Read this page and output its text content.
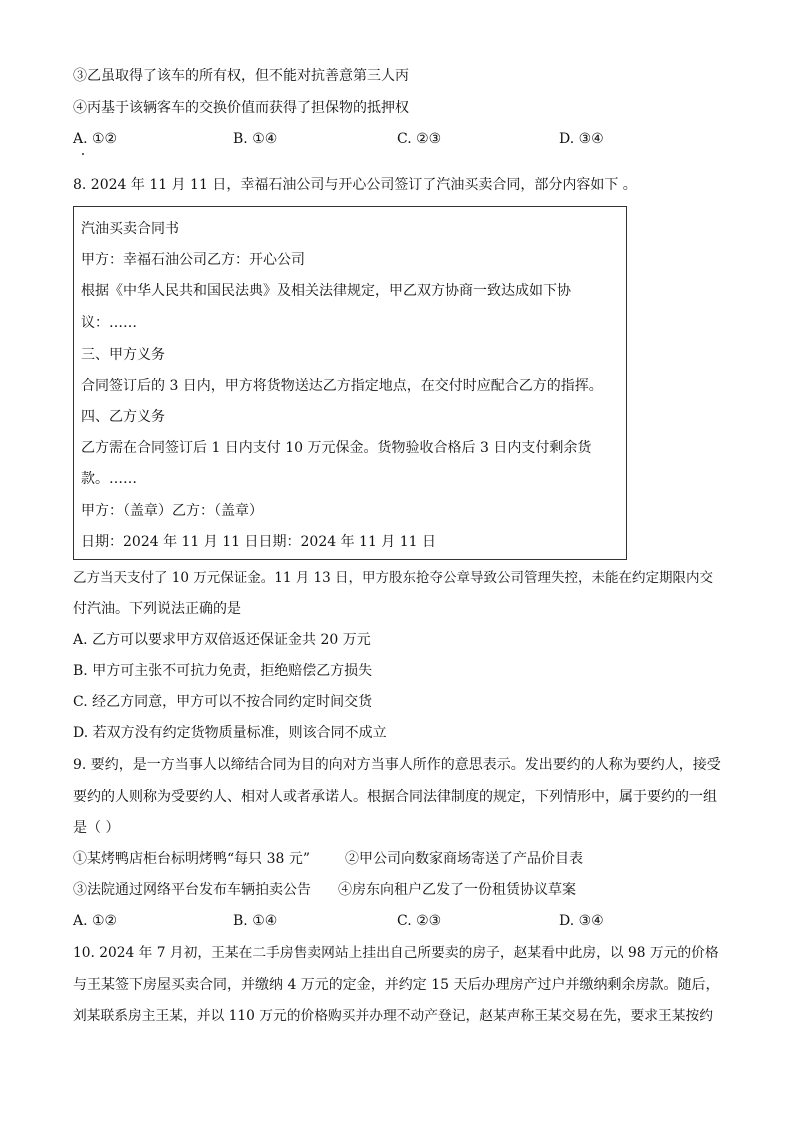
③乙虽取得了该车的所有权，但不能对抗善意第三人丙
④丙基于该辆客车的交换价值而获得了担保物的抵押权
A. ①②	B. ①④	C. ②③	D. ③④
8. 2024 年 11 月 11 日，幸福石油公司与开心公司签订了汽油买卖合同，部分内容如下 。
汽油买卖合同书
甲方：幸福石油公司乙方：开心公司
根据《中华人民共和国民法典》及相关法律规定，甲乙双方协商一致达成如下协
议：……
三、甲方义务
合同签订后的 3 日内，甲方将货物送达乙方指定地点，在交付时应配合乙方的指挥。
四、乙方义务
乙方需在合同签订后 1 日内支付 10 万元保金。货物验收合格后 3 日内支付剩余货
款。……
甲方：（盖章）乙方：（盖章）
日期：2024 年 11 月 11 日日期：2024 年 11 月 11 日
乙方当天支付了 10 万元保证金。11 月 13 日，甲方股东抢夺公章导致公司管理失控，未能在约定期限内交
付汽油。下列说法正确的是
A. 乙方可以要求甲方双倍返还保证金共 20 万元
B. 甲方可主张不可抗力免责，拒绝赔偿乙方损失
C. 经乙方同意，甲方可以不按合同约定时间交货
D. 若双方没有约定货物质量标准，则该合同不成立
9. 要约，是一方当事人以缔结合同为目的向对方当事人所作的意思表示。发出要约的人称为要约人，接受
要约的人则称为受要约人、相对人或者承诺人。根据合同法律制度的规定，下列情形中，属于要约的一组
是（ ）
①某烤鸭店柜台标明烤鸭“每只 38 元” ②甲公司向数家商场寄送了产品价目表
③法院通过网络平台发布车辆拍卖公告 ④房东向租户乙发了一份租赁协议草案
A. ①②	B. ①④	C. ②③	D. ③④
10. 2024 年 7 月初，王某在二手房售卖网站上挂出自己所要卖的房子，赵某看中此房，以 98 万元的价格
与王某签下房屋买卖合同，并缴纳 4 万元的定金，并约定 15 天后办理房产过户并缴纳剩余房款。随后，
刘某联系房主王某，并以 110 万元的价格购买并办理不动产登记，赵某声称王某交易在先，要求王某按约
